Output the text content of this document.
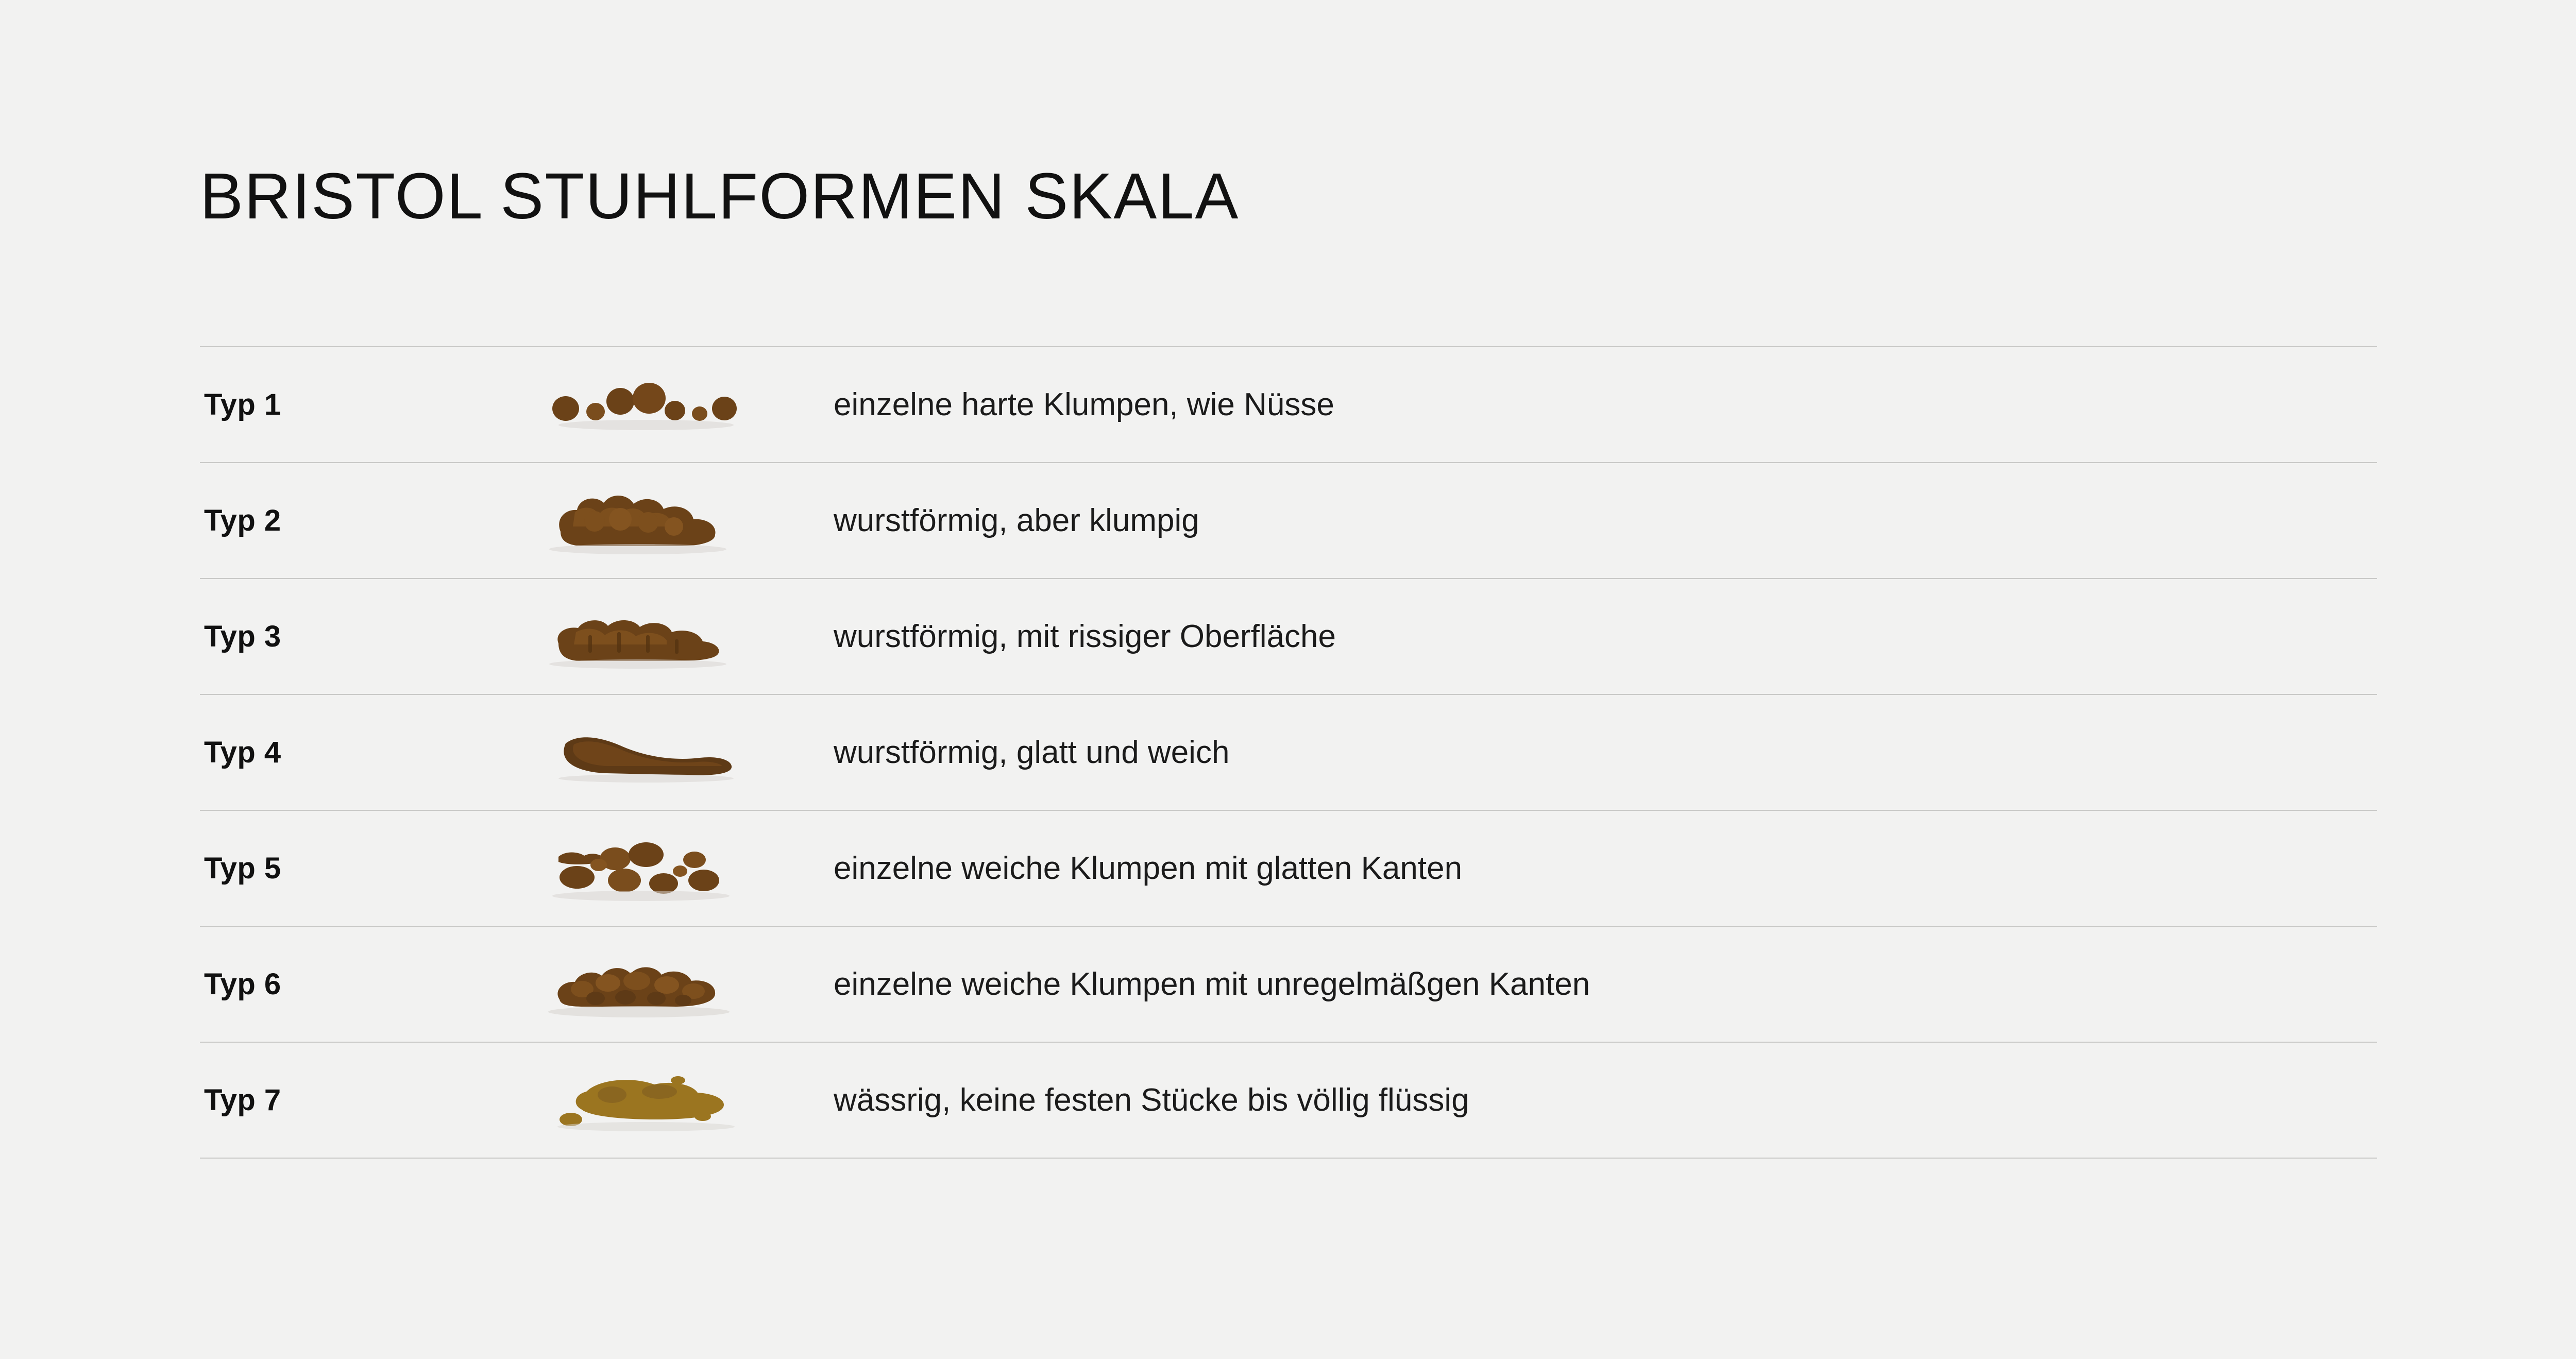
BRISTOL STUHLFORMEN SKALA
Typ 1	einzelne harte Klumpen, wie Nüsse
Typ 2	wurstförmig, aber klumpig
Typ 3	wurstförmig, mit rissiger Oberfläche
Typ 4	wurstförmig, glatt und weich
Typ 5	einzelne weiche Klumpen mit glatten Kanten
Typ 6	einzelne weiche Klumpen mit unregelmäßgen Kanten
Typ 7	wässrig, keine festen Stücke bis völlig flüssig
